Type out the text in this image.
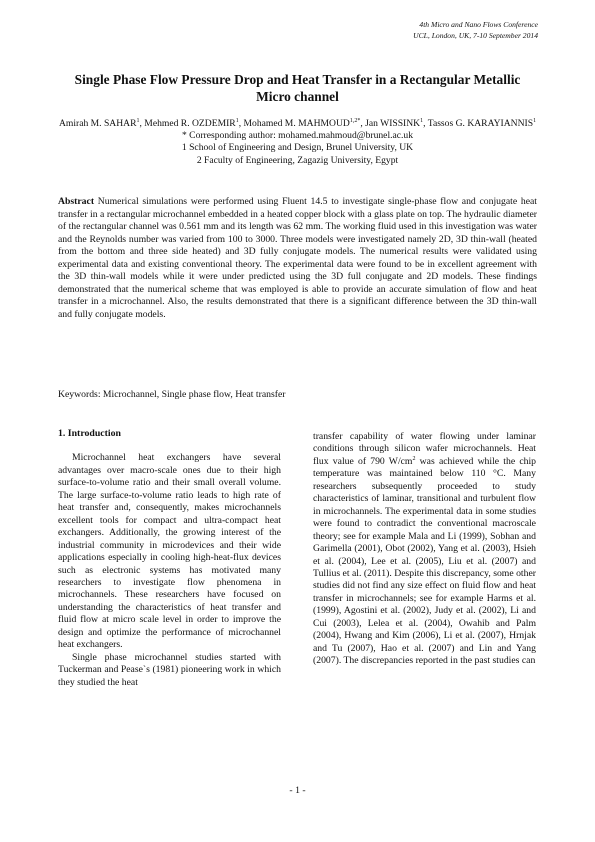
4th Micro and Nano Flows Conference
UCL, London, UK, 7-10 September 2014
Single Phase Flow Pressure Drop and Heat Transfer in a Rectangular Metallic Micro channel
Amirah M. SAHAR$^1$, Mehmed R. OZDEMIR$^1$, Mohamed M. $MAHMOUD^{1,2*}$, Jan WISSINK$^1$, Tassos G. KARAYIANNIS$^1$
* Corresponding author: mohamed.mahmoud@brunel.ac.uk
1 School of Engineering and Design, Brunel University, UK
2 Faculty of Engineering, Zagazig University, Egypt
Abstract Numerical simulations were performed using Fluent 14.5 to investigate single-phase flow and conjugate heat transfer in a rectangular microchannel embedded in a heated copper block with a glass plate on top. The hydraulic diameter of the rectangular channel was 0.561 mm and its length was 62 mm. The working fluid used in this investigation was water and the Reynolds number was varied from 100 to 3000. Three models were investigated namely 2D, 3D thin-wall (heated from the bottom and three side heated) and 3D fully conjugate models. The numerical results were validated using experimental data and existing conventional theory. The experimental data were found to be in excellent agreement with the 3D thin-wall models while it were under predicted using the 3D full conjugate and 2D models. These findings demonstrated that the numerical scheme that was employed is able to provide an accurate simulation of flow and heat transfer in a microchannel. Also, the results demonstrated that there is a significant difference between the 3D thin-wall and fully conjugate models.
Keywords: Microchannel, Single phase flow, Heat transfer
1. Introduction

Microchannel heat exchangers have several advantages over macro-scale ones due to their high surface-to-volume ratio and their small overall volume. The large surface-to-volume ratio leads to high rate of heat transfer and, consequently, makes microchannels excellent tools for compact and ultra-compact heat exchangers. Additionally, the growing interest of the industrial community in microdevices and their wide applications especially in cooling high-heat-flux devices such as electronic systems has motivated many researchers to investigate flow phenomena in microchannels. These researchers have focused on understanding the characteristics of heat transfer and fluid flow at micro scale level in order to improve the design and optimize the performance of microchannel heat exchangers.

Single phase microchannel studies started with Tuckerman and Pease`s (1981) pioneering work in which they studied the heat

transfer capability of water flowing under laminar conditions through silicon wafer microchannels. Heat flux value of 790 $W/cm^2$ was achieved while the chip temperature was maintained below 110 °C. Many researchers subsequently proceeded to study characteristics of laminar, transitional and turbulent flow in microchannels. The experimental data in some studies were found to contradict the conventional macroscale theory; see for example Mala and Li (1999), Sobhan and Garimella (2001), Obot (2002), Yang et al. (2003), Hsieh et al. (2004), Lee et al. (2005), Liu et al. (2007) and Tullius et al. (2011). Despite this discrepancy, some other studies did not find any size effect on fluid flow and heat transfer in microchannels; see for example Harms et al. (1999), Agostini et al. (2002), Judy et al. (2002), Li and Cui (2003), Lelea et al. (2004), Owahib and Palm (2004), Hwang and Kim (2006), Li et al. (2007), Hrnjak and Tu (2007), Hao et al. (2007) and Lin and Yang (2007). The discrepancies reported in the past studies can

- 1 -
